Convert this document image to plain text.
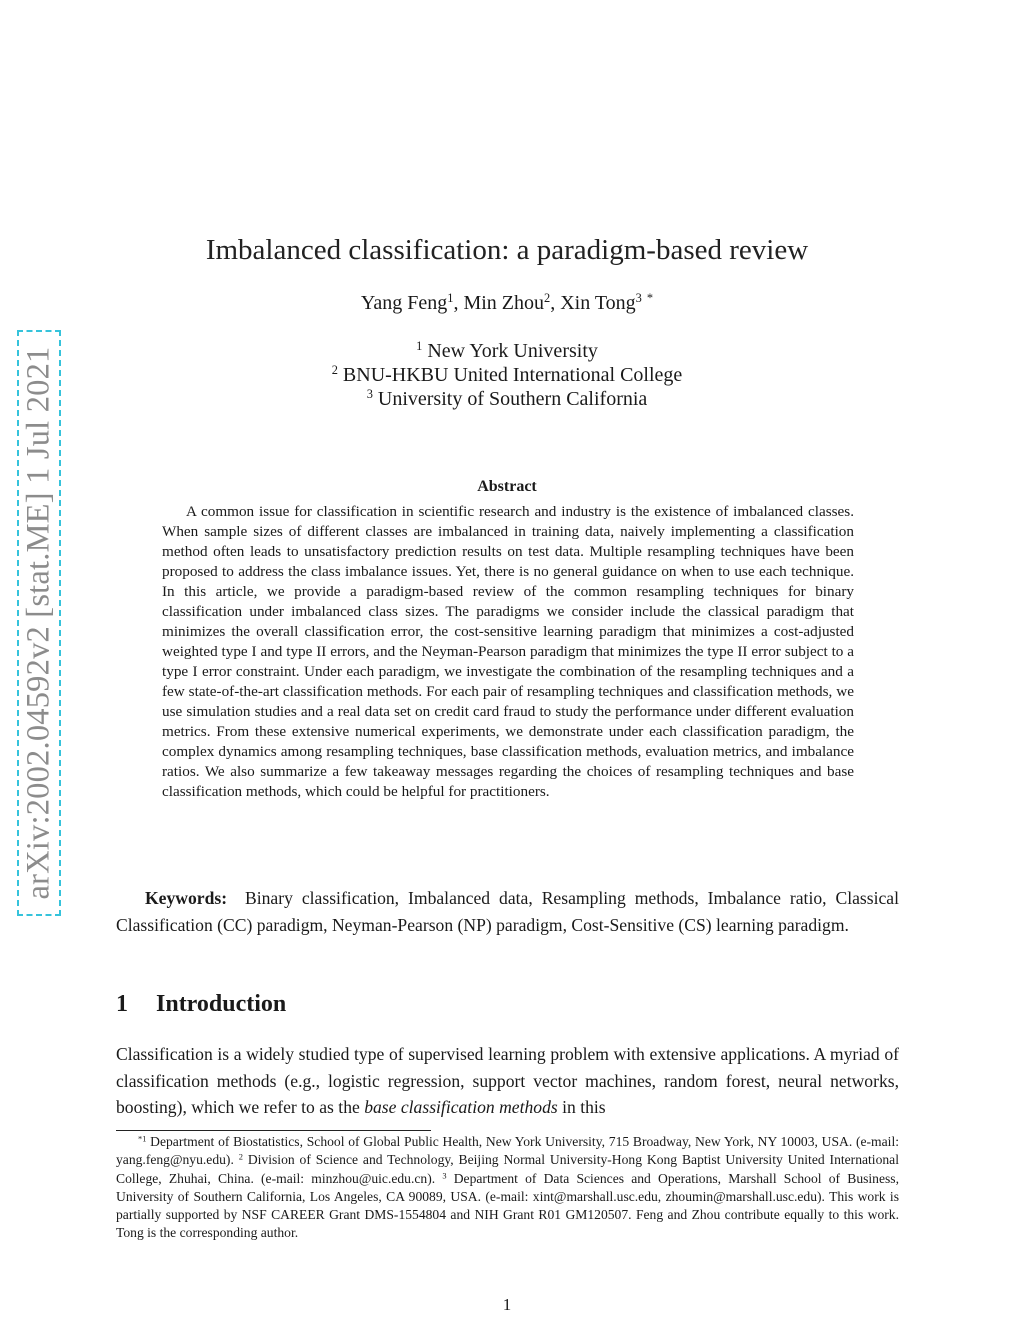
arXiv:2002.04592v2 [stat.ME] 1 Jul 2021
Imbalanced classification: a paradigm-based review
Yang Feng$^1$, Min Zhou$^2$, Xin Tong$^3$ *
$^1$ New York University
$^2$ BNU-HKBU United International College
$^3$ University of Southern California
Abstract

A common issue for classification in scientific research and industry is the existence of imbalanced classes. When sample sizes of different classes are imbalanced in training data, naively implementing a classification method often leads to unsatisfactory prediction results on test data. Multiple resampling techniques have been proposed to address the class imbalance issues. Yet, there is no general guidance on when to use each technique. In this article, we provide a paradigm-based review of the common resampling techniques for binary classification under imbalanced class sizes. The paradigms we consider include the classical paradigm that minimizes the overall classification error, the cost-sensitive learning paradigm that minimizes a cost-adjusted weighted type I and type II errors, and the Neyman-Pearson paradigm that minimizes the type II error subject to a type I error constraint. Under each paradigm, we investigate the combination of the resampling techniques and a few state-of-the-art classification methods. For each pair of resampling techniques and classification methods, we use simulation studies and a real data set on credit card fraud to study the performance under different evaluation metrics. From these extensive numerical experiments, we demonstrate under each classification paradigm, the complex dynamics among resampling techniques, base classification methods, evaluation metrics, and imbalance ratios. We also summarize a few takeaway messages regarding the choices of resampling techniques and base classification methods, which could be helpful for practitioners.

Keywords: Binary classification, Imbalanced data, Resampling methods, Imbalance ratio, Classical Classification (CC) paradigm, Neyman-Pearson (NP) paradigm, Cost-Sensitive (CS) learning paradigm.

1 Introduction

Classification is a widely studied type of supervised learning problem with extensive applications. A myriad of classification methods (e.g., logistic regression, support vector machines, random forest, neural networks, boosting), which we refer to as the base classification methods in this

$^{*1}$ Department of Biostatistics, School of Global Public Health, New York University, 715 Broadway, New York, NY 10003, USA. (e-mail: yang.feng@nyu.edu). $^2$ Division of Science and Technology, Beijing Normal University-Hong Kong Baptist University United International College, Zhuhai, China. (e-mail: minzhou@uic.edu.cn). $^3$ Department of Data Sciences and Operations, Marshall School of Business, University of Southern California, Los Angeles, CA 90089, USA. (e-mail: xint@marshall.usc.edu, zhoumin@marshall.usc.edu). This work is partially supported by NSF CAREER Grant DMS-1554804 and NIH Grant R01 GM120507. Feng and Zhou contribute equally to this work. Tong is the corresponding author.

1
